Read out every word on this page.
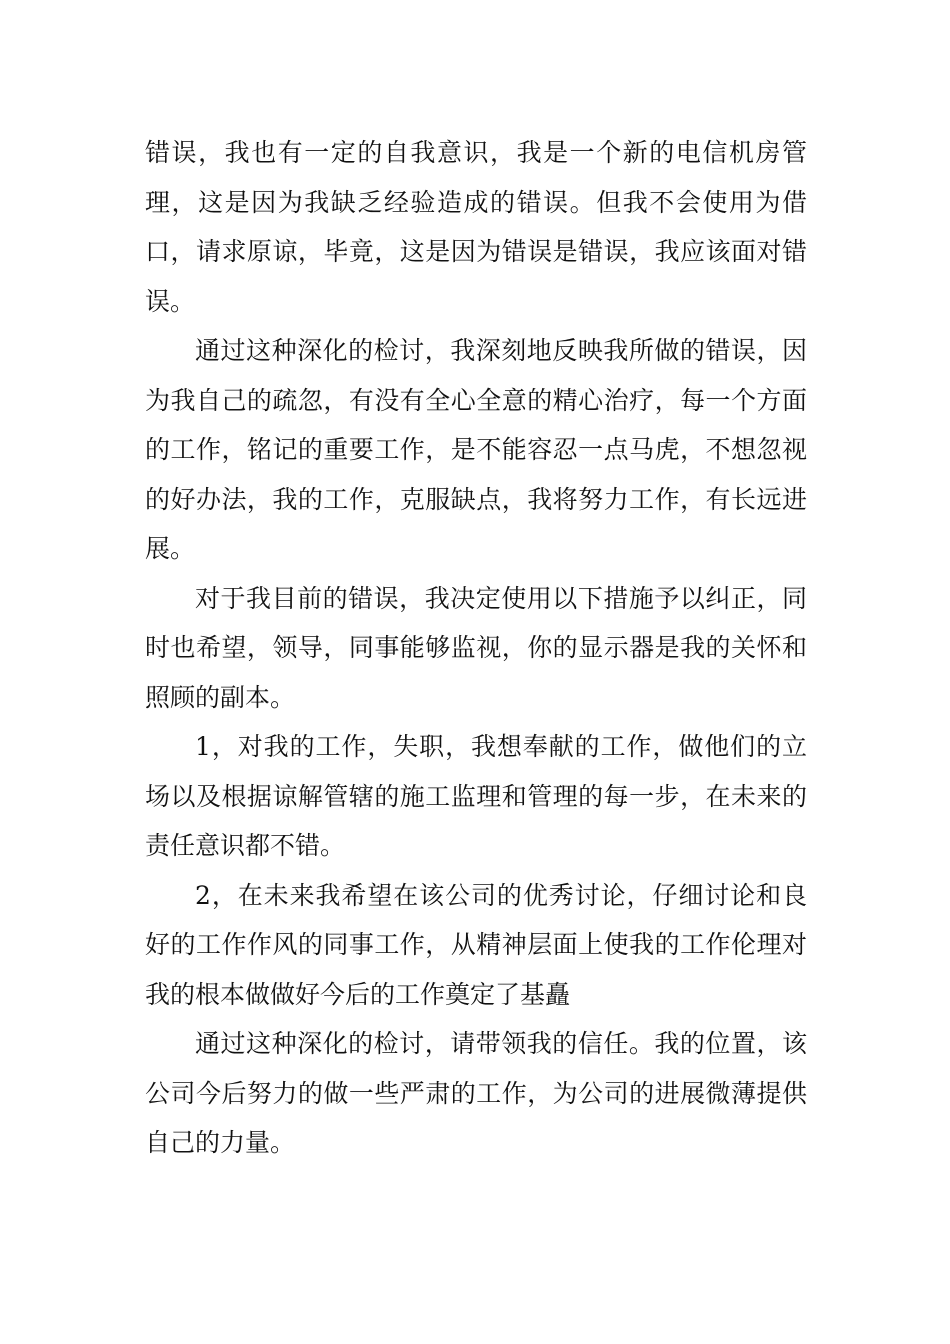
错误，我也有一定的自我意识，我是一个新的电信机房管理，这是因为我缺乏经验造成的错误。但我不会使用为借口，请求原谅，毕竟，这是因为错误是错误，我应该面对错误。

通过这种深化的检讨，我深刻地反映我所做的错误，因为我自己的疏忽，有没有全心全意的精心治疗，每一个方面的工作，铭记的重要工作，是不能容忍一点马虎，不想忽视的好办法，我的工作，克服缺点，我将努力工作，有长远进展。

对于我目前的错误，我决定使用以下措施予以纠正，同时也希望，领导，同事能够监视，你的显示器是我的关怀和照顾的副本。

1，对我的工作，失职，我想奉献的工作，做他们的立场以及根据谅解管辖的施工监理和管理的每一步，在未来的责任意识都不错。

2，在未来我希望在该公司的优秀讨论，仔细讨论和良好的工作作风的同事工作，从精神层面上使我的工作伦理对我的根本做做好今后的工作奠定了基矗

通过这种深化的检讨，请带领我的信任。我的位置，该公司今后努力的做一些严肃的工作，为公司的进展微薄提供自己的力量。
